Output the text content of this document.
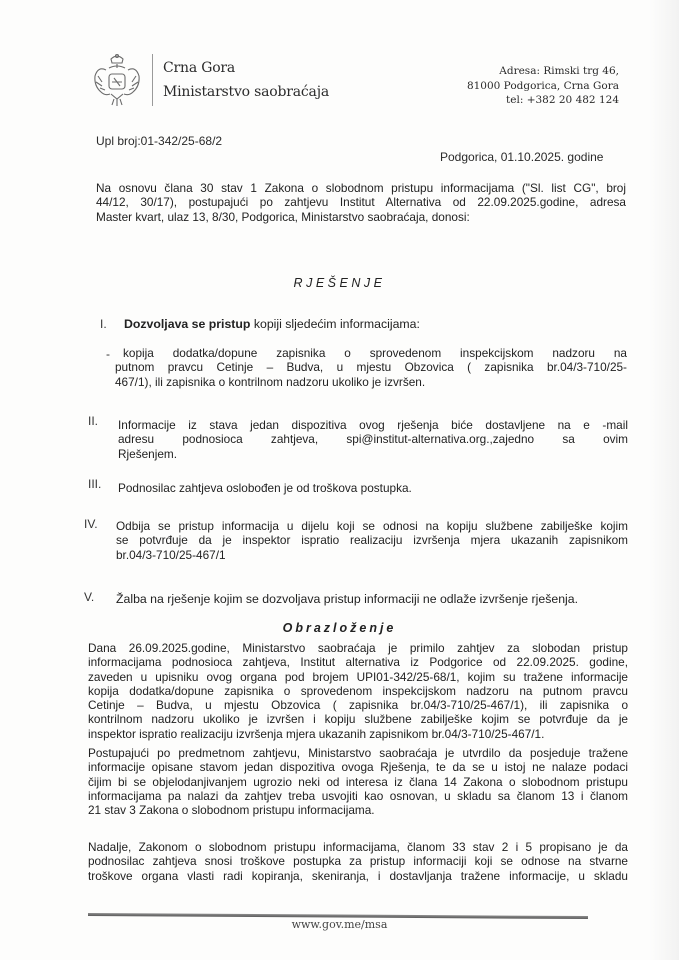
Crna Gora
Ministarstvo saobraćaja
Adresa: Rimski trg 46,
81000 Podgorica, Crna Gora
tel: +382 20 482 124
Upl broj:01-342/25-68/2
Podgorica, 01.10.2025. godine
Na osnovu člana 30 stav 1 Zakona o slobodnom pristupu informacijama ("Sl. list CG", broj
44/12, 30/17), postupajući po zahtjevu Institut Alternativa od 22.09.2025.godine, adresa
Master kvart, ulaz 13, 8/30, Podgorica, Ministarstvo saobraćaja, donosi:
RJEŠENJE
I. Dozvoljava se pristup kopiji sljedećim informacijama:
-	kopija dodatka/dopune zapisnika o sprovedenom inspekcijskom nadzoru na
putnom pravcu Cetinje – Budva, u mjestu Obzovica ( zapisnika br.04/3-710/25-
467/1), ili zapisnika o kontrilnom nadzoru ukoliko je izvršen.
II. Informacije iz stava jedan dispozitiva ovog rješenja biće dostavljene na e -mail
adresu podnosioca zahtjeva, spi@institut-alternativa.org.,zajedno sa ovim
Rješenjem.
III. Podnosilac zahtjeva oslobođen je od troškova postupka.
IV. Odbija se pristup informacija u dijelu koji se odnosi na kopiju službene zabilješke kojim
se potvrđuje da je inspektor ispratio realizaciju izvršenja mjera ukazanih zapisnikom
br.04/3-710/25-467/1
V. Žalba na rješenje kojim se dozvoljava pristup informaciji ne odlaže izvršenje rješenja.
Obrazloženje
Dana 26.09.2025.godine, Ministarstvo saobraćaja je primilo zahtjev za slobodan pristup
informacijama podnosioca zahtjeva, Institut alternativa iz Podgorice od 22.09.2025. godine,
zaveden u upisniku ovog organa pod brojem UPI01-342/25-68/1, kojim su tražene informacije
kopija dodatka/dopune zapisnika o sprovedenom inspekcijskom nadzoru na putnom pravcu
Cetinje – Budva, u mjestu Obzovica ( zapisnika br.04/3-710/25-467/1), ili zapisnika o
kontrilnom nadzoru ukoliko je izvršen i kopiju službene zabilješke kojim se potvrđuje da je
inspektor ispratio realizaciju izvršenja mjera ukazanih zapisnikom br.04/3-710/25-467/1.
Postupajući po predmetnom zahtjevu, Ministarstvo saobraćaja je utvrdilo da posjeduje tražene
informacije opisane stavom jedan dispozitiva ovoga Rješenja, te da se u istoj ne nalaze podaci
čijim bi se objelodanjivanjem ugrozio neki od interesa iz člana 14 Zakona o slobodnom pristupu
informacijama pa nalazi da zahtjev treba usvojiti kao osnovan, u skladu sa članom 13 i članom
21 stav 3 Zakona o slobodnom pristupu informacijama.
Nadalje, Zakonom o slobodnom pristupu informacijama, članom 33 stav 2 i 5 propisano je da
podnosilac zahtjeva snosi troškove postupka za pristup informaciji koji se odnose na stvarne
troškove organa vlasti radi kopiranja, skeniranja, i dostavljanja tražene informacije, u skladu
www.gov.me/msa
